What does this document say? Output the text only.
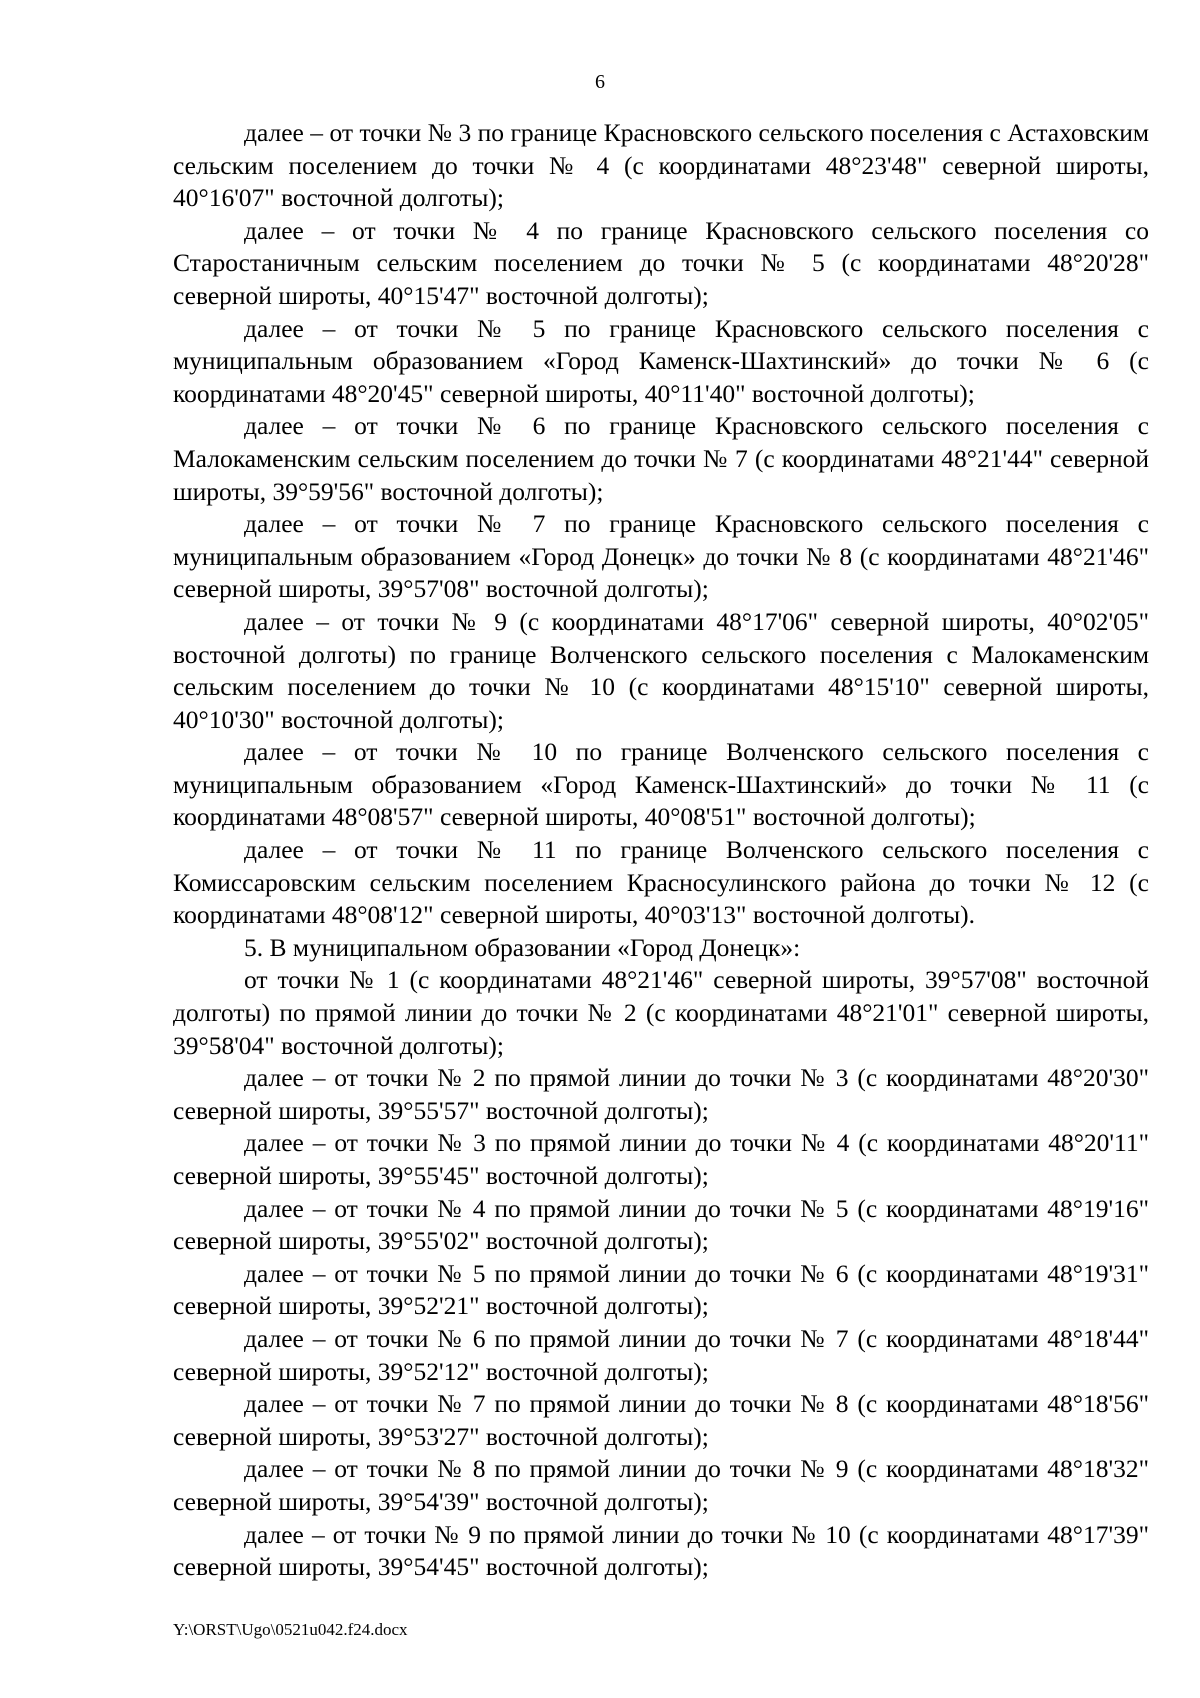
6

далее – от точки № 3 по границе Красновского сельского поселения с Астаховским сельским поселением до точки № 4 (с координатами 48°23'48" северной широты, 40°16'07" восточной долготы);

далее – от точки № 4 по границе Красновского сельского поселения со Старостаничным сельским поселением до точки № 5 (с координатами 48°20'28" северной широты, 40°15'47" восточной долготы);

далее – от точки № 5 по границе Красновского сельского поселения с муниципальным образованием «Город Каменск-Шахтинский» до точки № 6 (с координатами 48°20'45" северной широты, 40°11'40" восточной долготы);

далее – от точки № 6 по границе Красновского сельского поселения с Малокаменским сельским поселением до точки № 7 (с координатами 48°21'44" северной широты, 39°59'56" восточной долготы);

далее – от точки № 7 по границе Красновского сельского поселения с муниципальным образованием «Город Донецк» до точки № 8 (с координатами 48°21'46" северной широты, 39°57'08" восточной долготы);

далее – от точки № 9 (с координатами 48°17'06" северной широты, 40°02'05" восточной долготы) по границе Волченского сельского поселения с Малокаменским сельским поселением до точки № 10 (с координатами 48°15'10" северной широты, 40°10'30" восточной долготы);

далее – от точки № 10 по границе Волченского сельского поселения с муниципальным образованием «Город Каменск-Шахтинский» до точки № 11 (с координатами 48°08'57" северной широты, 40°08'51" восточной долготы);

далее – от точки № 11 по границе Волченского сельского поселения с Комиссаровским сельским поселением Красносулинского района до точки № 12 (с координатами 48°08'12" северной широты, 40°03'13" восточной долготы).

5. В муниципальном образовании «Город Донецк»:

от точки № 1 (с координатами 48°21'46" северной широты, 39°57'08" восточной долготы) по прямой линии до точки № 2 (с координатами 48°21'01" северной широты, 39°58'04" восточной долготы);

далее – от точки № 2 по прямой линии до точки № 3 (с координатами 48°20'30" северной широты, 39°55'57" восточной долготы);

далее – от точки № 3 по прямой линии до точки № 4 (с координатами 48°20'11" северной широты, 39°55'45" восточной долготы);

далее – от точки № 4 по прямой линии до точки № 5 (с координатами 48°19'16" северной широты, 39°55'02" восточной долготы);

далее – от точки № 5 по прямой линии до точки № 6 (с координатами 48°19'31" северной широты, 39°52'21" восточной долготы);

далее – от точки № 6 по прямой линии до точки № 7 (с координатами 48°18'44" северной широты, 39°52'12" восточной долготы);

далее – от точки № 7 по прямой линии до точки № 8 (с координатами 48°18'56" северной широты, 39°53'27" восточной долготы);

далее – от точки № 8 по прямой линии до точки № 9 (с координатами 48°18'32" северной широты, 39°54'39" восточной долготы);

далее – от точки № 9 по прямой линии до точки № 10 (с координатами 48°17'39" северной широты, 39°54'45" восточной долготы);

Y:\ORST\Ugo\0521u042.f24.docx
